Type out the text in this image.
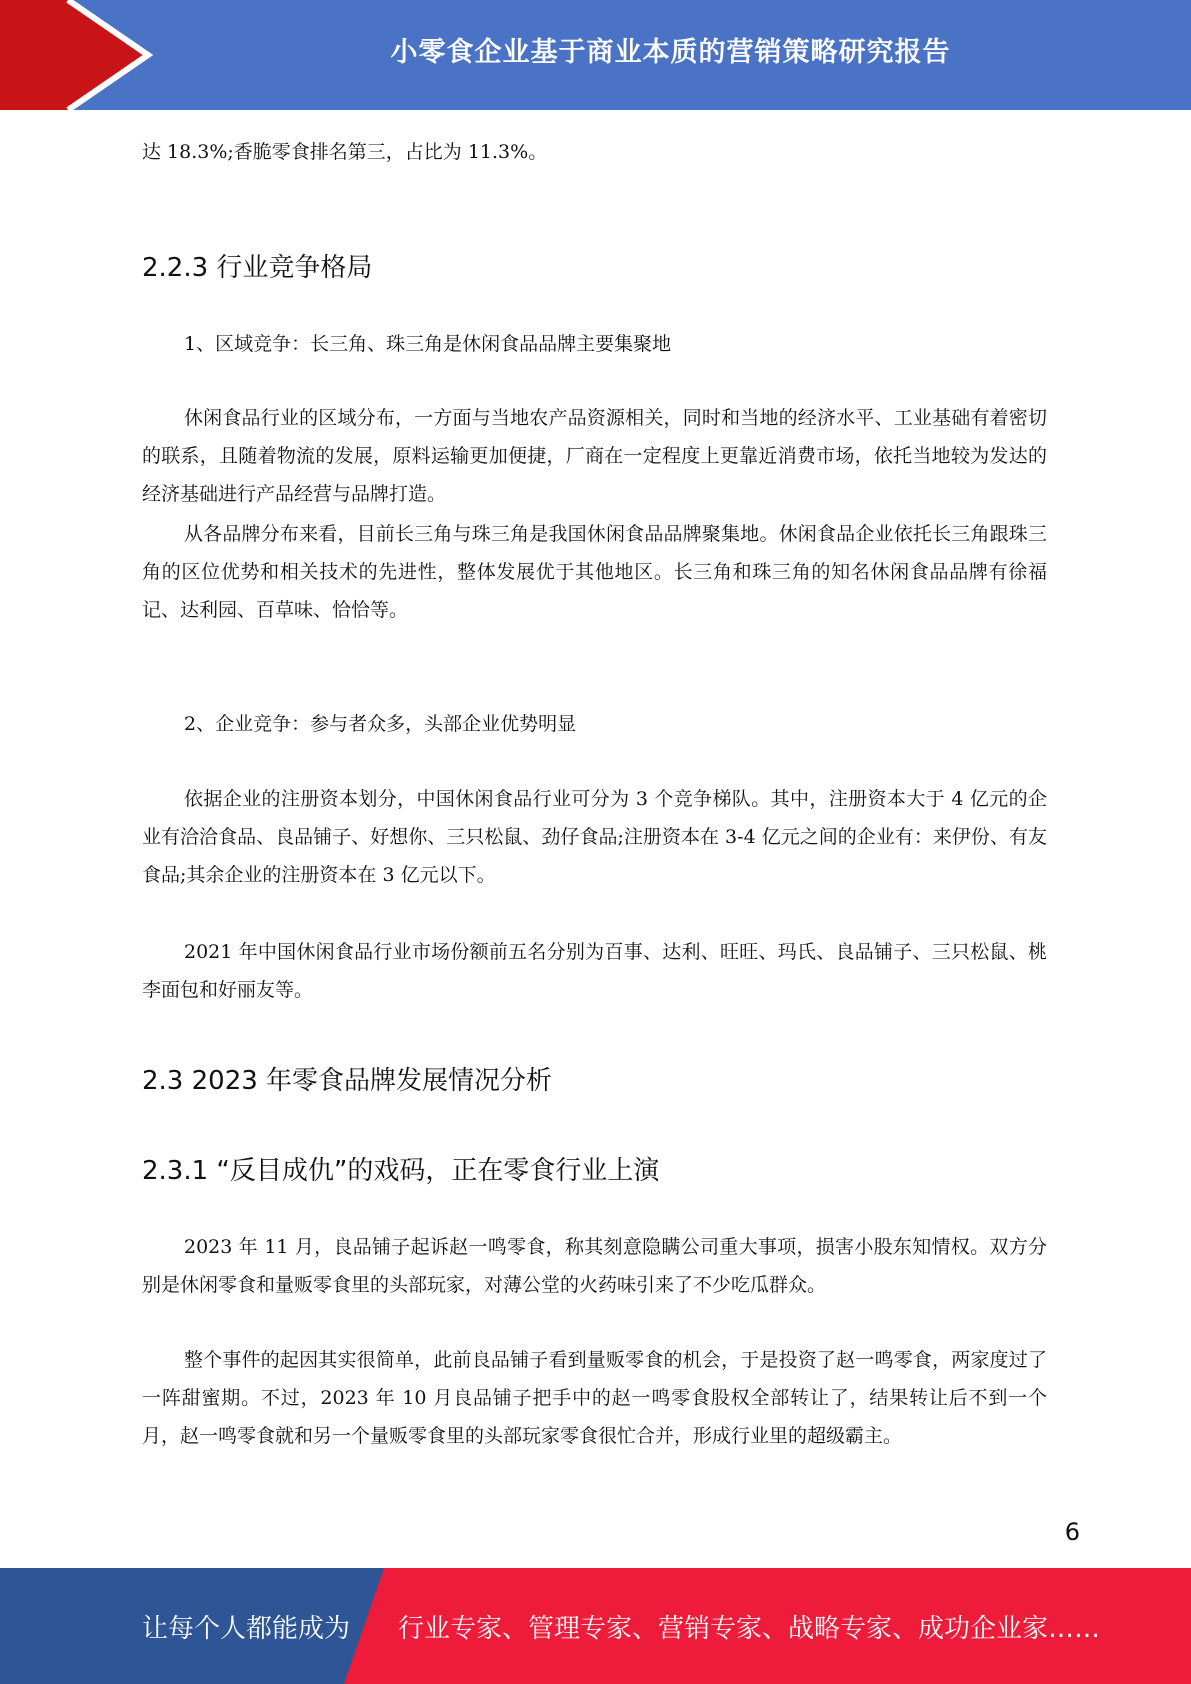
小零食企业基于商业本质的营销策略研究报告

达 18.3%;香脆零食排名第三，占比为 11.3%。

2.2.3 行业竞争格局

1、区域竞争：长三角、珠三角是休闲食品品牌主要集聚地

休闲食品行业的区域分布，一方面与当地农产品资源相关，同时和当地的经济水平、工业基础有着密切的联系，且随着物流的发展，原料运输更加便捷，厂商在一定程度上更靠近消费市场，依托当地较为发达的经济基础进行产品经营与品牌打造。

从各品牌分布来看，目前长三角与珠三角是我国休闲食品品牌聚集地。休闲食品企业依托长三角跟珠三角的区位优势和相关技术的先进性，整体发展优于其他地区。长三角和珠三角的知名休闲食品品牌有徐福记、达利园、百草味、恰恰等。

2、企业竞争：参与者众多，头部企业优势明显

依据企业的注册资本划分，中国休闲食品行业可分为 3 个竞争梯队。其中，注册资本大于 4 亿元的企业有洽洽食品、良品铺子、好想你、三只松鼠、劲仔食品;注册资本在 3-4 亿元之间的企业有：来伊份、有友食品;其余企业的注册资本在 3 亿元以下。

2021 年中国休闲食品行业市场份额前五名分别为百事、达利、旺旺、玛氏、良品铺子、三只松鼠、桃李面包和好丽友等。

2.3 2023 年零食品牌发展情况分析
2.3.1 “反目成仇”的戏码，正在零食行业上演

2023 年 11 月，良品铺子起诉赵一鸣零食，称其刻意隐瞒公司重大事项，损害小股东知情权。双方分别是休闲零食和量贩零食里的头部玩家，对薄公堂的火药味引来了不少吃瓜群众。

整个事件的起因其实很简单，此前良品铺子看到量贩零食的机会，于是投资了赵一鸣零食，两家度过了一阵甜蜜期。不过，2023 年 10 月良品铺子把手中的赵一鸣零食股权全部转让了，结果转让后不到一个月，赵一鸣零食就和另一个量贩零食里的头部玩家零食很忙合并，形成行业里的超级霸主。

6
让每个人都能成为 行业专家、管理专家、营销专家、战略专家、成功企业家……
